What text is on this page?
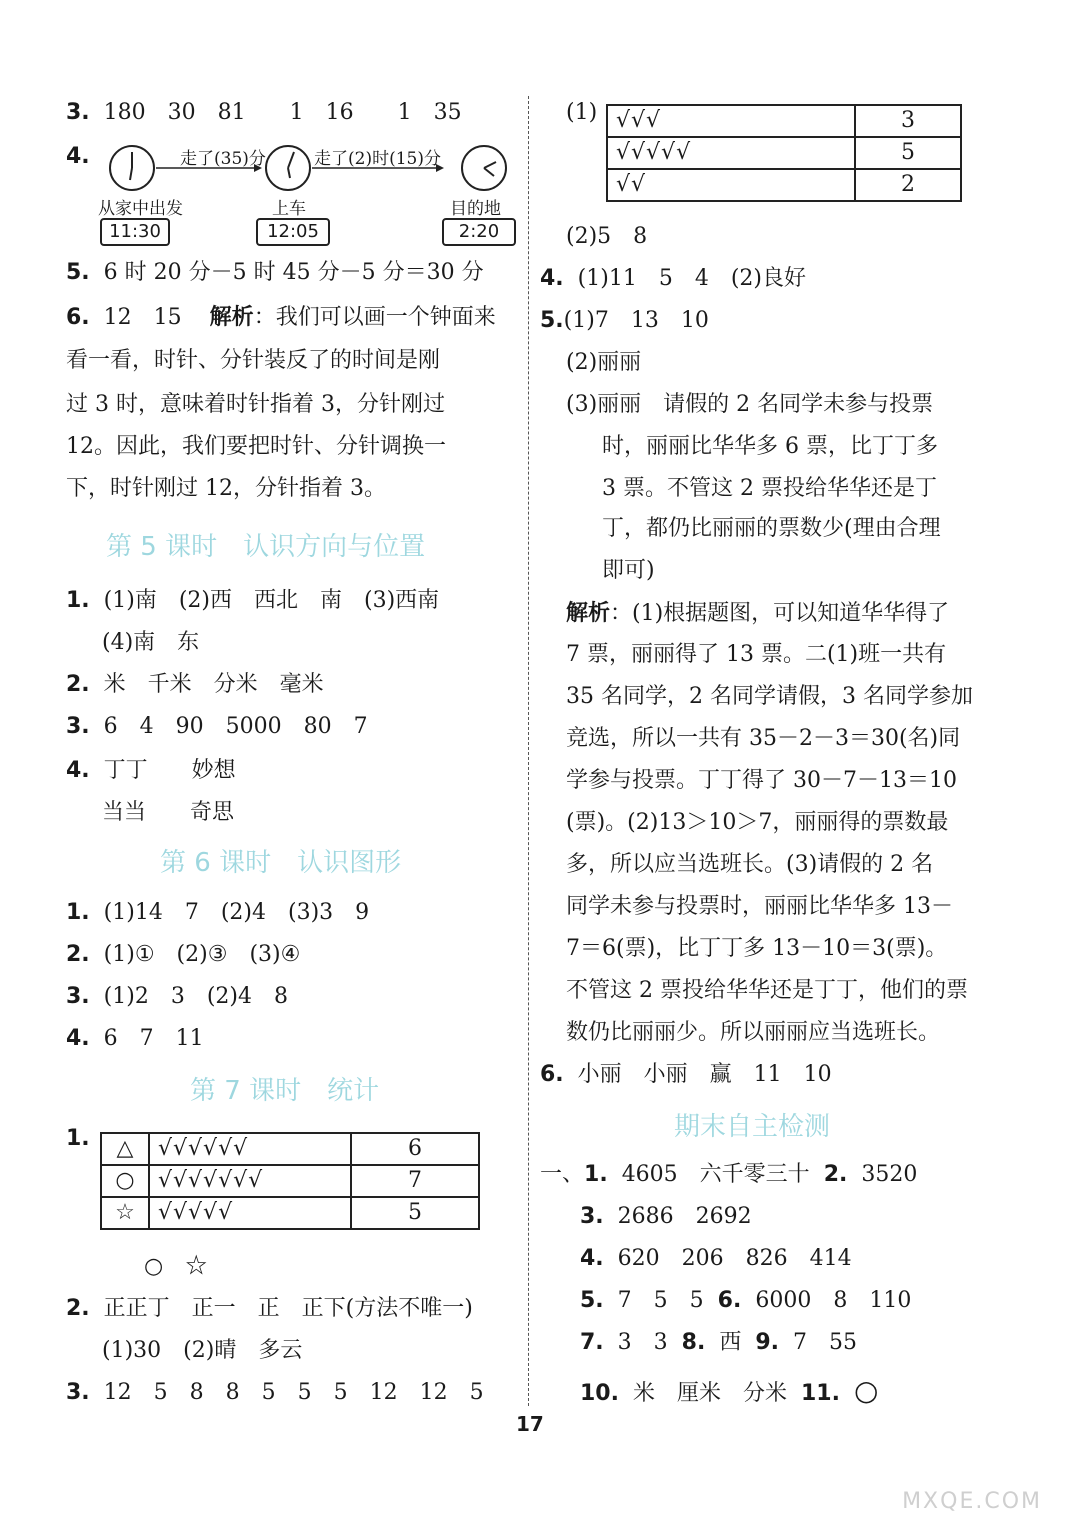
3. 180　30　81　　1　16　　1　35
4.	走了(35)分	走了(2)时(15)分
从家中出发	上车	目的地
11:30	12:05	2:20
5. 6 时 20 分－5 时 45 分－5 分＝30 分
6. 12　15 解析：我们可以画一个钟面来
看一看，时针、分针装反了的时间是刚
过 3 时，意味着时针指着 3，分针刚过
12。因此，我们要把时针、分针调换一
下，时针刚过 12，分针指着 3。
第 5 课时　认识方向与位置
1. (1)南　(2)西　西北　南　(3)西南
(4)南　东
2. 米　千米　分米　毫米
3. 6　4　90　5000　80　7
4. 丁丁　　妙想
当当　　奇思
第 6 课时　认识图形
1. (1)14　7　(2)4　(3)3　9
2. (1)①　(2)③　(3)④
3. (1)2　3　(2)4　8
4. 6　7　11
第 7 课时　统计
1. △	√√√√√√	6
○	√√√√√√√	7
☆	√√√√√	5
○　☆
2. 正正丁　正一　正　正下(方法不唯一)
(1)30　(2)晴　多云
3. 12　5　8　8　5　5　5　12　12　5
(1) √√√	3
√√√√√	5
√√	2
(2)5　8
4. (1)11　5　4　(2)良好
5.(1)7　13　10
(2)丽丽
(3)丽丽　请假的 2 名同学未参与投票
时，丽丽比华华多 6 票，比丁丁多
3 票。不管这 2 票投给华华还是丁
丁，都仍比丽丽的票数少(理由合理
即可)
解析：(1)根据题图，可以知道华华得了
7 票，丽丽得了 13 票。二(1)班一共有
35 名同学，2 名同学请假，3 名同学参加
竞选，所以一共有 35－2－3＝30(名)同
学参与投票。丁丁得了 30－7－13＝10
(票)。(2)13＞10＞7，丽丽得的票数最
多，所以应当选班长。(3)请假的 2 名
同学未参与投票时，丽丽比华华多 13－
7＝6(票)，比丁丁多 13－10＝3(票)。
不管这 2 票投给华华还是丁丁，他们的票
数仍比丽丽少。所以丽丽应当选班长。
6. 小丽　小丽　赢　11　10
期末自主检测
一、1. 4605　六千零三十 2. 3520
3. 2686　2692
4. 620　206　826　414
5. 7　5　5 6. 6000　8　110
7. 3　3 8. 西 9. 7　55
10. 米　厘米　分米 11. ○
17
MXQE.COM
